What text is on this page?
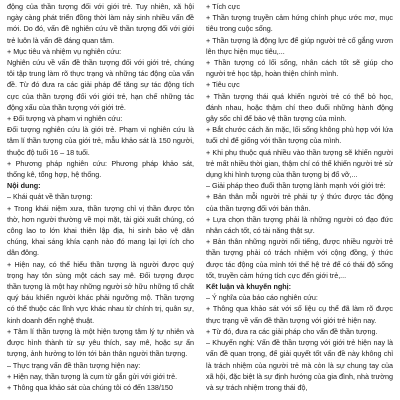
động của thần tượng đối với giới trẻ. Tuy nhiên, xã hội ngày càng phát triển đồng thời làm nảy sinh nhiều vấn đề mới. Do đó, vấn đề nghiên cứu về thần tượng đối với giới trẻ luôn là vấn đề đáng quan tâm.

+ Mục tiêu và nhiệm vụ nghiên cứu:

Nghiên cứu về vấn đề thần tượng đối với giới trẻ, chúng tôi tập trung làm rõ thực trạng và những tác động của vấn đề. Từ đó đưa ra các giải pháp để tăng sự tác động tích cực của thần tượng đối với giới trẻ, hạn chế những tác động xấu của thần tượng với giới trẻ.

+ Đối tượng và phạm vi nghiên cứu:

Đối tượng nghiên cứu là giới trẻ. Phạm vi nghiên cứu là tâm lí thần tượng của giới trẻ, mẫu khảo sát là 150 người, thuộc độ tuổi 16 – 18 tuổi.

+ Phương pháp nghiên cứu: Phương pháp khảo sát, thống kê, tổng hợp, hệ thống.

Nội dung:

– Khái quát về thần tượng:

+ Trong khái niệm xưa, thần tượng chỉ vị thần được tôn thờ, hơn người thường về mọi mặt, tài giỏi xuất chúng, có công lao to lớn khai thiên lập địa, hi sinh bảo vệ dân chúng, khai sáng khía cạnh nào đó mang lại lợi ích cho dân đông.

+ Hiện nay, có thể hiểu thần tượng là người được quý trọng hay tôn sùng một cách say mê. Đối tượng được thần tượng là một hay những người sở hữu những tố chất quý báu khiến người khác phải ngưỡng mộ. Thần tượng có thể thuộc các lĩnh vực khác nhau từ chính trị, quân sự, kinh doanh đến nghệ thuật.

+ Tâm lí thần tượng là một hiện tượng tâm lý tự nhiên và được hình thành từ sự yêu thích, say mê, hoặc sự ấn tượng, ảnh hưởng to lớn tới bản thân người thần tượng.

– Thực trạng vấn đề thần tượng hiện nay:

+ Hiện nay, thần tượng là cụm từ gắn gửi với giới trẻ.

+ Thông qua khảo sát của chúng tôi có đến 138/150

+ Tích cực

+ Thần tượng truyền cảm hứng chính phục ước mơ, mục tiêu trong cuộc sống.

+ Thần tượng là động lực để giúp người trẻ cố gắng vươn lên thực hiện mục tiêu,...

+ Thần tượng có lối sống, nhân cách tốt sẽ giúp cho người trẻ học tập, hoàn thiện chính mình.

+ Tiêu cực

+ Thần tượng thái quá khiến người trẻ có thể bỏ học, đánh nhau, hoặc thậm chí theo đuổi những hành động gây sốc chỉ để bảo vệ thần tượng của mình.

+ Bắt chước cách ăn mặc, lối sống không phù hợp với lứa tuổi chỉ để giống với thần tượng của mình.

+ Khi phụ thuộc quá nhiều vào thần tượng sẽ khiến người trẻ mất nhiều thời gian, thậm chí có thể khiến người trẻ sử dụng khi hình tượng của thần tượng bị đổ vỡ,...

– Giải pháp theo đuổi thần tượng lành mạnh với giới trẻ:

+ Bản thân mỗi người trẻ phải tự ý thức được tác động của thần tượng đối với bản thân.

+ Lựa chọn thần tượng phải là những người có đạo đức nhân cách tốt, có tài năng thật sự.

+ Bản thân những người nổi tiếng, được nhiều người trẻ thần tượng phải có trách nhiệm với cộng đồng, ý thức được tác động của mình tới thế hệ trẻ để có thái độ sống tốt, truyền cảm hứng tích cực đến giới trẻ,...

Kết luận và khuyến nghị:

– Ý nghĩa của báo cáo nghiên cứu:

+ Thông qua khảo sát với số liệu cụ thể đã làm rõ được thực trạng về vấn đề thần tượng với giới trẻ hiện nay.

+ Từ đó, đưa ra các giải pháp cho vấn đề thần tượng.

– Khuyến nghị: Vấn đề thần tượng với giới trẻ hiện nay là vấn đề quan trọng, để giải quyết tốt vấn đề này không chỉ là trách nhiệm của người trẻ mà còn là sự chung tay của xã hội, đặc biệt là sự định hướng của gia đình, nhà trường và sự trách nhiệm trong thái độ,
